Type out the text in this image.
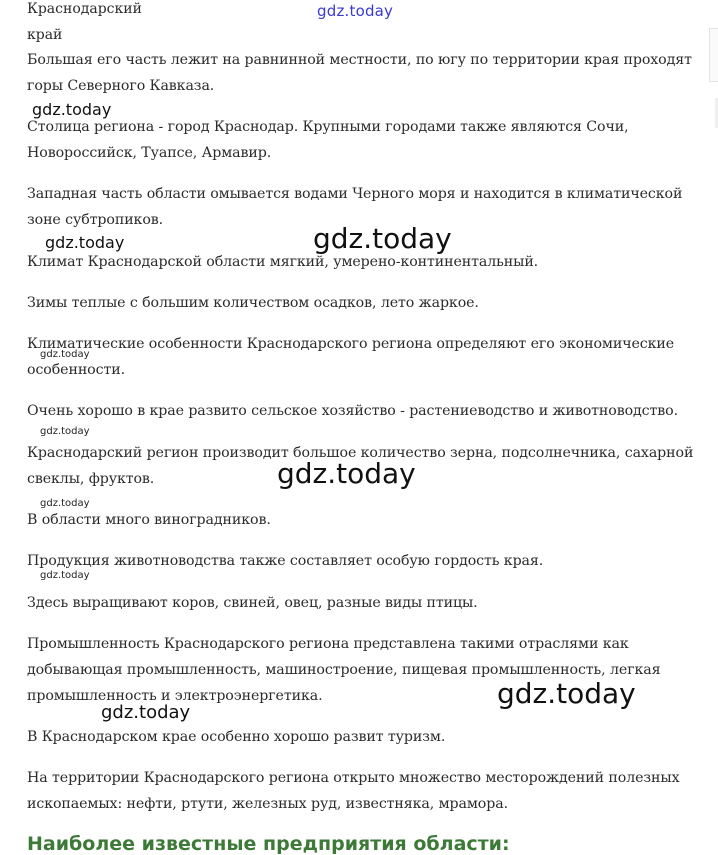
Краснодарский край
gdz.today

Большая его часть лежит на равнинной местности, по югу по территории края проходят
горы Северного Кавказа.

Столица региона - город Краснодар. Крупными городами также являются Сочи,
Новороссийск, Туапсе, Армавир.

Западная часть области омывается водами Черного моря и находится в климатической
зоне субтропиков.

Климат Краснодарской области мягкий, умерено-континентальный.

Зимы теплые с большим количеством осадков, лето жаркое.

Климатические особенности Краснодарского региона определяют его экономические
особенности.

Очень хорошо в крае развито сельское хозяйство - растениеводство и животноводство.

Краснодарский регион производит большое количество зерна, подсолнечника, сахарной
свеклы, фруктов.

В области много виноградников.

Продукция животноводства также составляет особую гордость края.

Здесь выращивают коров, свиней, овец, разные виды птицы.

Промышленность Краснодарского региона представлена такими отраслями как
добывающая промышленность, машиностроение, пищевая промышленность, легкая
промышленность и электроэнергетика.

В Краснодарском крае особенно хорошо развит туризм.

На территории Краснодарского региона открыто множество месторождений полезных
ископаемых: нефти, ртути, железных руд, известняка, мрамора.

Наиболее известные предприятия области:
gdz.today
gdz.today	gdz.today
gdz.today
gdz.today
gdz.today
gdz.today
gdz.today
gdz.today
gdz.today
